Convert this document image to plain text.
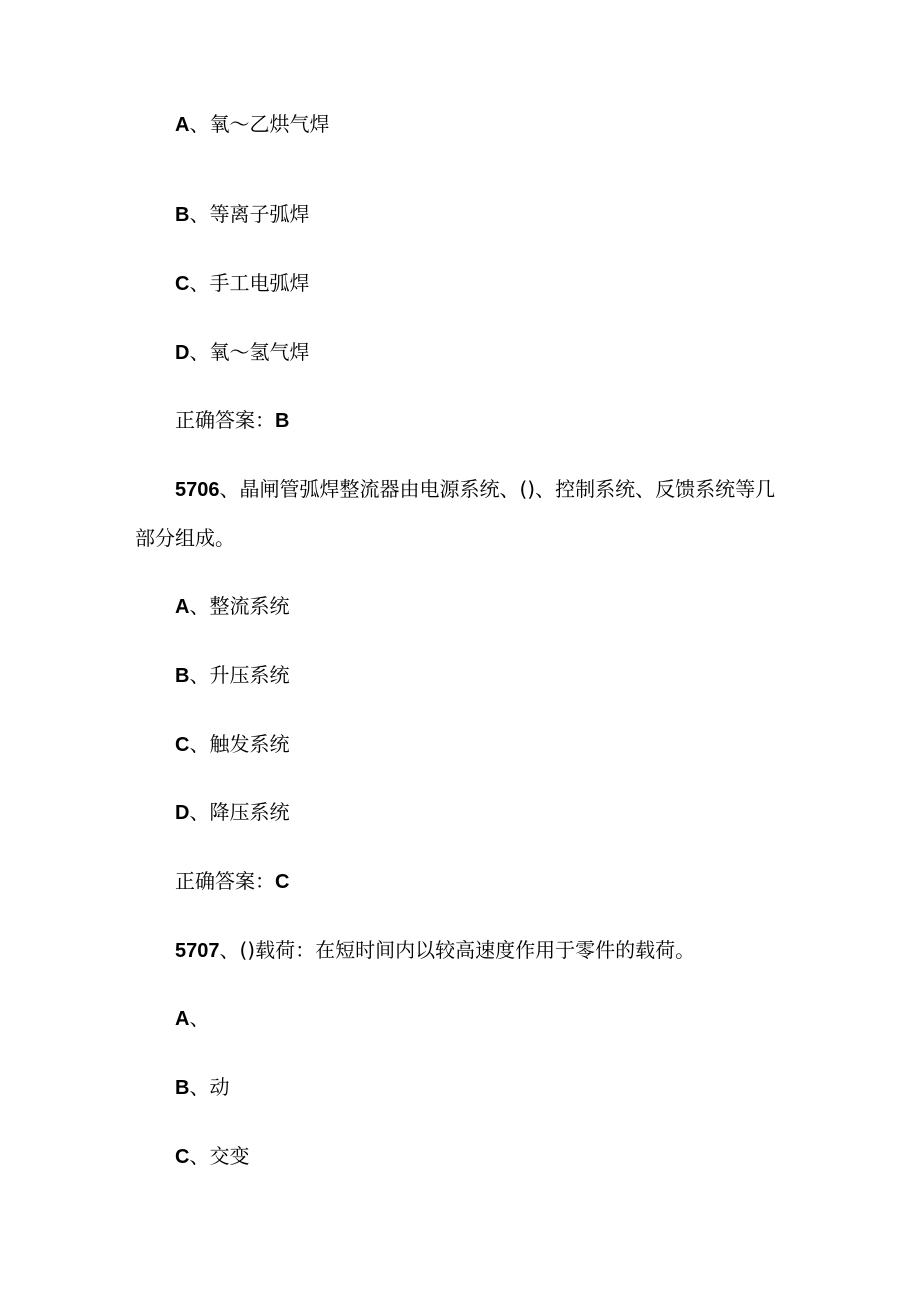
A、氧〜乙烘气焊
B、等离子弧焊
C、手工电弧焊
D、氧〜氢气焊
正确答案：B
5706、晶闸管弧焊整流器由电源系统、()、控制系统、反馈系统等几
部分组成。
A、整流系统
B、升压系统
C、触发系统
D、降压系统
正确答案：C
5707、()载荷：在短时间内以较高速度作用于零件的载荷。
A、
B、动
C、交变
